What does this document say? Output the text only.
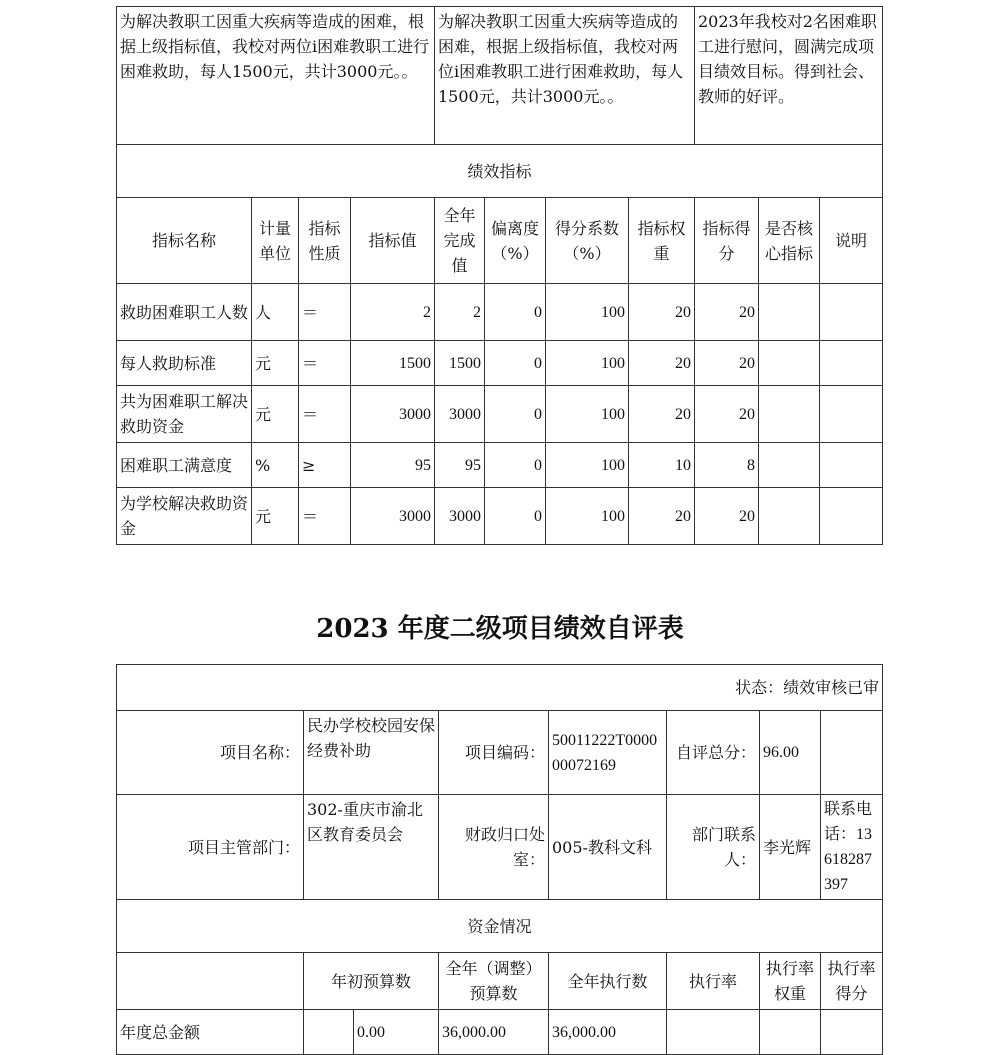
为解决教职工因重大疾病等造成的困难，根据上级指标值，我校对两位ⅰ困难教职工进行困难救助，每人1500元，共计3000元。。				为解决教职工因重大疾病等造成的困难，根据上级指标值，我校对两位ⅰ困难教职工进行困难救助，每人1500元，共计3000元。。				2023年我校对2名困难职工进行慰问，圆满完成项目绩效目标。得到社会、教师的好评。		
绩效指标										
指标名称	计量单位	指标性质	指标值	全年完成值	偏离度（%）	得分系数（%）	指标权重	指标得分	是否核心指标	说明
救助困难职工人数	人	＝	2	2	0	100	20	20		
每人救助标准	元	＝	1500	1500	0	100	20	20		
共为困难职工解决救助资金	元	＝	3000	3000	0	100	20	20		
困难职工满意度	%	≥	95	95	0	100	10	8		
为学校解决救助资金	元	＝	3000	3000	0	100	20	20		
2023 年度二级项目绩效自评表
状态：绩效审核已审							
项目名称：	民办学校校园安保经费补助		项目编码：	50011222T000000072169	自评总分：	96.00	
项目主管部门：	302-重庆市渝北区教育委员会		财政归口处室：	005-教科文科	部门联系人：	李光辉	联系电话：13618287397
资金情况							
	年初预算数		全年（调整）预算数	全年执行数	执行率	执行率权重	执行率得分
年度总金额		0.00	36,000.00	36,000.00			
